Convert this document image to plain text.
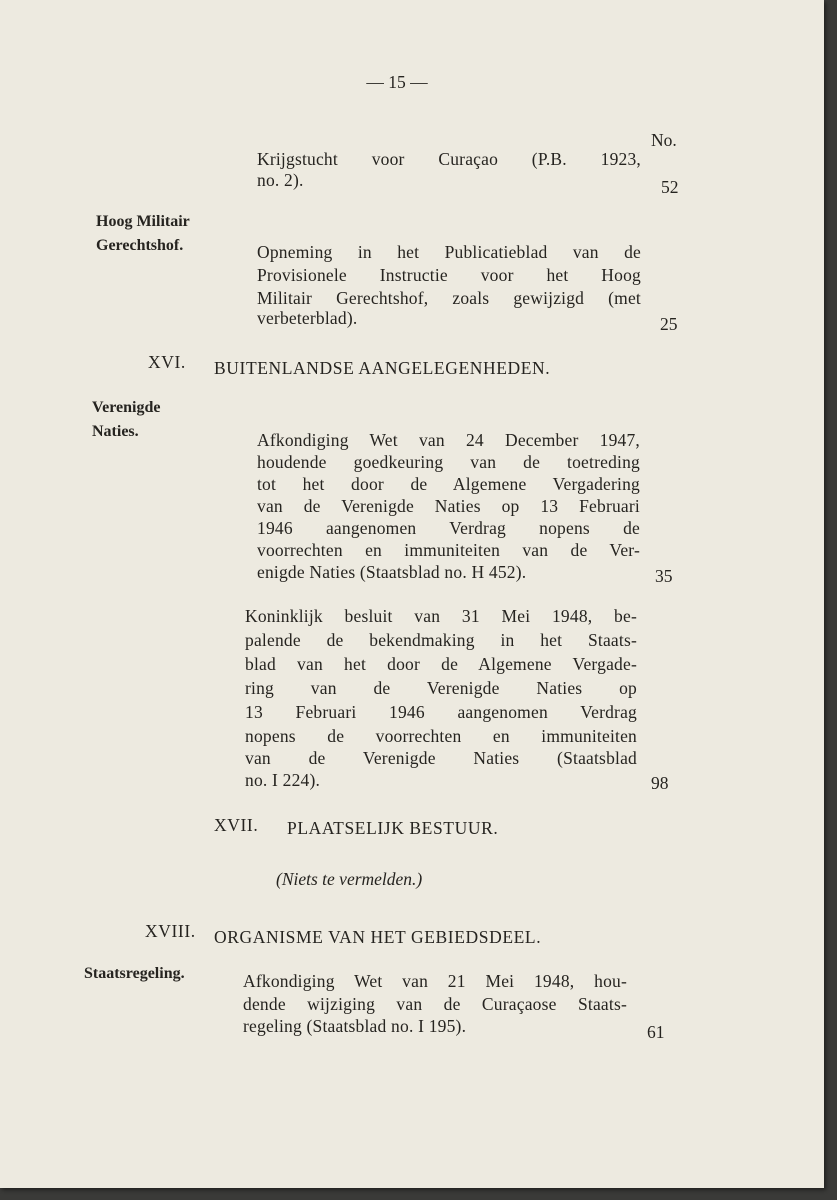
— 15 —
No.
Krijgstucht voor Curaçao (P.B. 1923,
no. 2).	52
Hoog Militair
Gerechtshof.	Opneming in het Publicatieblad van de
Provisionele Instructie voor het Hoog
Militair Gerechtshof, zoals gewijzigd (met
verbeterblad).	25
XVI. BUITENLANDSE AANGELEGENHEDEN.
Verenigde
Naties.	Afkondiging Wet van 24 December 1947,
houdende goedkeuring van de toetreding
tot het door de Algemene Vergadering
van de Verenigde Naties op 13 Februari
1946 aangenomen Verdrag nopens de
voorrechten en immuniteiten van de Ver-
enigde Naties (Staatsblad no. H 452).	35
Koninklijk besluit van 31 Mei 1948, be-
palende de bekendmaking in het Staats-
blad van het door de Algemene Vergade-
ring van de Verenigde Naties op
13 Februari 1946 aangenomen Verdrag
nopens de voorrechten en immuniteiten
van de Verenigde Naties (Staatsblad
no. I 224).	98
XVII. PLAATSELIJK BESTUUR.
(Niets te vermelden.)
XVIII. ORGANISME VAN HET GEBIEDSDEEL.
Staatsregeling.	Afkondiging Wet van 21 Mei 1948, hou-
dende wijziging van de Curaçaose Staats-
regeling (Staatsblad no. I 195).	61
